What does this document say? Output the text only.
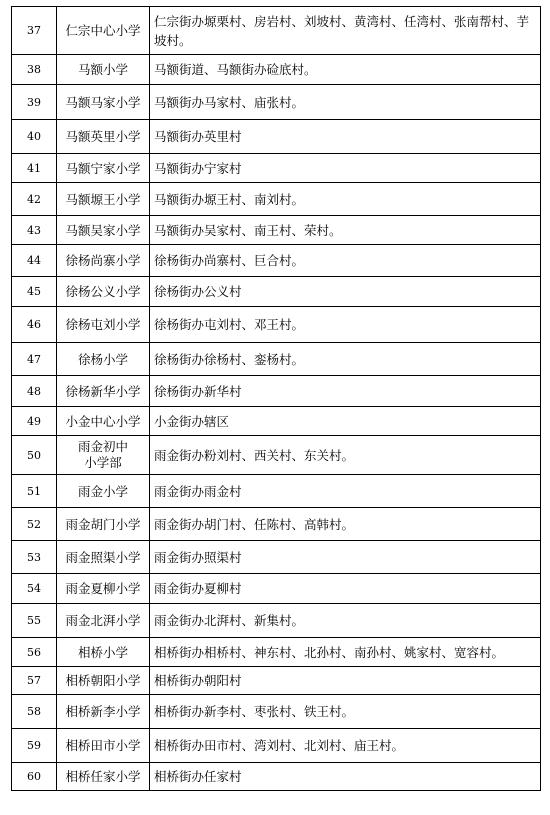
37	仁宗中心小学	仁宗街办塬栗村、房岩村、刘坡村、黄湾村、任湾村、张南帮村、芋坡村。
38	马额小学	马额街道、马额街办硷底村。
39	马额马家小学	马额街办马家村、庙张村。
40	马额英里小学	马额街办英里村
41	马额宁家小学	马额街办宁家村
42	马额塬王小学	马额街办塬王村、南刘村。
43	马额吴家小学	马额街办吴家村、南王村、荣村。
44	徐杨尚寨小学	徐杨街办尚寨村、巨合村。
45	徐杨公义小学	徐杨街办公义村
46	徐杨屯刘小学	徐杨街办屯刘村、邓王村。
47	徐杨小学	徐杨街办徐杨村、銮杨村。
48	徐杨新华小学	徐杨街办新华村
49	小金中心小学	小金街办辖区
50	雨金初中小学部	雨金街办粉刘村、西关村、东关村。
51	雨金小学	雨金街办雨金村
52	雨金胡门小学	雨金街办胡门村、任陈村、高韩村。
53	雨金照渠小学	雨金街办照渠村
54	雨金夏柳小学	雨金街办夏柳村
55	雨金北湃小学	雨金街办北湃村、新集村。
56	相桥小学	相桥街办相桥村、神东村、北孙村、南孙村、姚家村、宽容村。
57	相桥朝阳小学	相桥街办朝阳村
58	相桥新李小学	相桥街办新李村、枣张村、铁王村。
59	相桥田市小学	相桥街办田市村、湾刘村、北刘村、庙王村。
60	相桥任家小学	相桥街办任家村
